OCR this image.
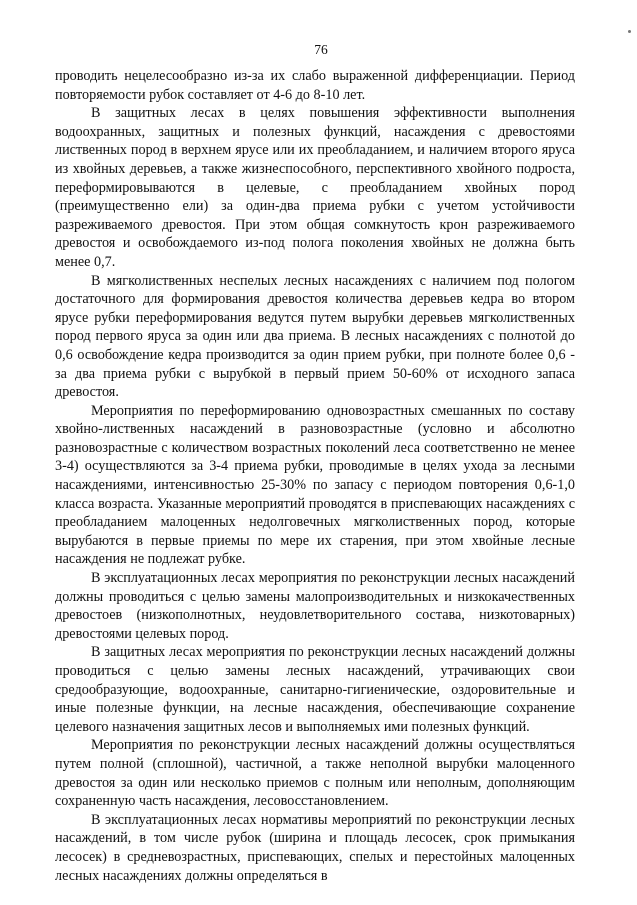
76

проводить нецелесообразно из-за их слабо выраженной дифференциации. Период повторяемости рубок составляет от 4-6 до 8-10 лет.

В защитных лесах в целях повышения эффективности выполнения водоохранных, защитных и полезных функций, насаждения с древостоями лиственных пород в верхнем ярусе или их преобладанием, и наличием второго яруса из хвойных деревьев, а также жизнеспособного, перспективного хвойного подроста, переформировываются в целевые, с преобладанием хвойных пород (преимущественно ели) за один-два приема рубки с учетом устойчивости разреживаемого древостоя. При этом общая сомкнутость крон разреживаемого древостоя и освобождаемого из-под полога поколения хвойных не должна быть менее 0,7.

В мягколиственных неспелых лесных насаждениях с наличием под пологом достаточного для формирования древостоя количества деревьев кедра во втором ярусе рубки переформирования ведутся путем вырубки деревьев мягколиственных пород первого яруса за один или два приема. В лесных насаждениях с полнотой до 0,6 освобождение кедра производится за один прием рубки, при полноте более 0,6 - за два приема рубки с вырубкой в первый прием 50-60% от исходного запаса древостоя.

Мероприятия по переформированию одновозрастных смешанных по составу хвойно-лиственных насаждений в разновозрастные (условно и абсолютно разновозрастные с количеством возрастных поколений леса соответственно не менее 3-4) осуществляются за 3-4 приема рубки, проводимые в целях ухода за лесными насаждениями, интенсивностью 25-30% по запасу с периодом повторения 0,6-1,0 класса возраста. Указанные мероприятий проводятся в приспевающих насаждениях с преобладанием малоценных недолговечных мягколиственных пород, которые вырубаются в первые приемы по мере их старения, при этом хвойные лесные насаждения не подлежат рубке.

В эксплуатационных лесах мероприятия по реконструкции лесных насаждений должны проводиться с целью замены малопроизводительных и низкокачественных древостоев (низкополнотных, неудовлетворительного состава, низкотоварных) древостоями целевых пород.

В защитных лесах мероприятия по реконструкции лесных насаждений должны проводиться с целью замены лесных насаждений, утрачивающих свои средообразующие, водоохранные, санитарно-гигиенические, оздоровительные и иные полезные функции, на лесные насаждения, обеспечивающие сохранение целевого назначения защитных лесов и выполняемых ими полезных функций.

Мероприятия по реконструкции лесных насаждений должны осуществляться путем полной (сплошной), частичной, а также неполной вырубки малоценного древостоя за один или несколько приемов с полным или неполным, дополняющим сохраненную часть насаждения, лесовосстановлением.

В эксплуатационных лесах нормативы мероприятий по реконструкции лесных насаждений, в том числе рубок (ширина и площадь лесосек, срок примыкания лесосек) в средневозрастных, приспевающих, спелых и перестойных малоценных лесных насаждениях должны определяться в
